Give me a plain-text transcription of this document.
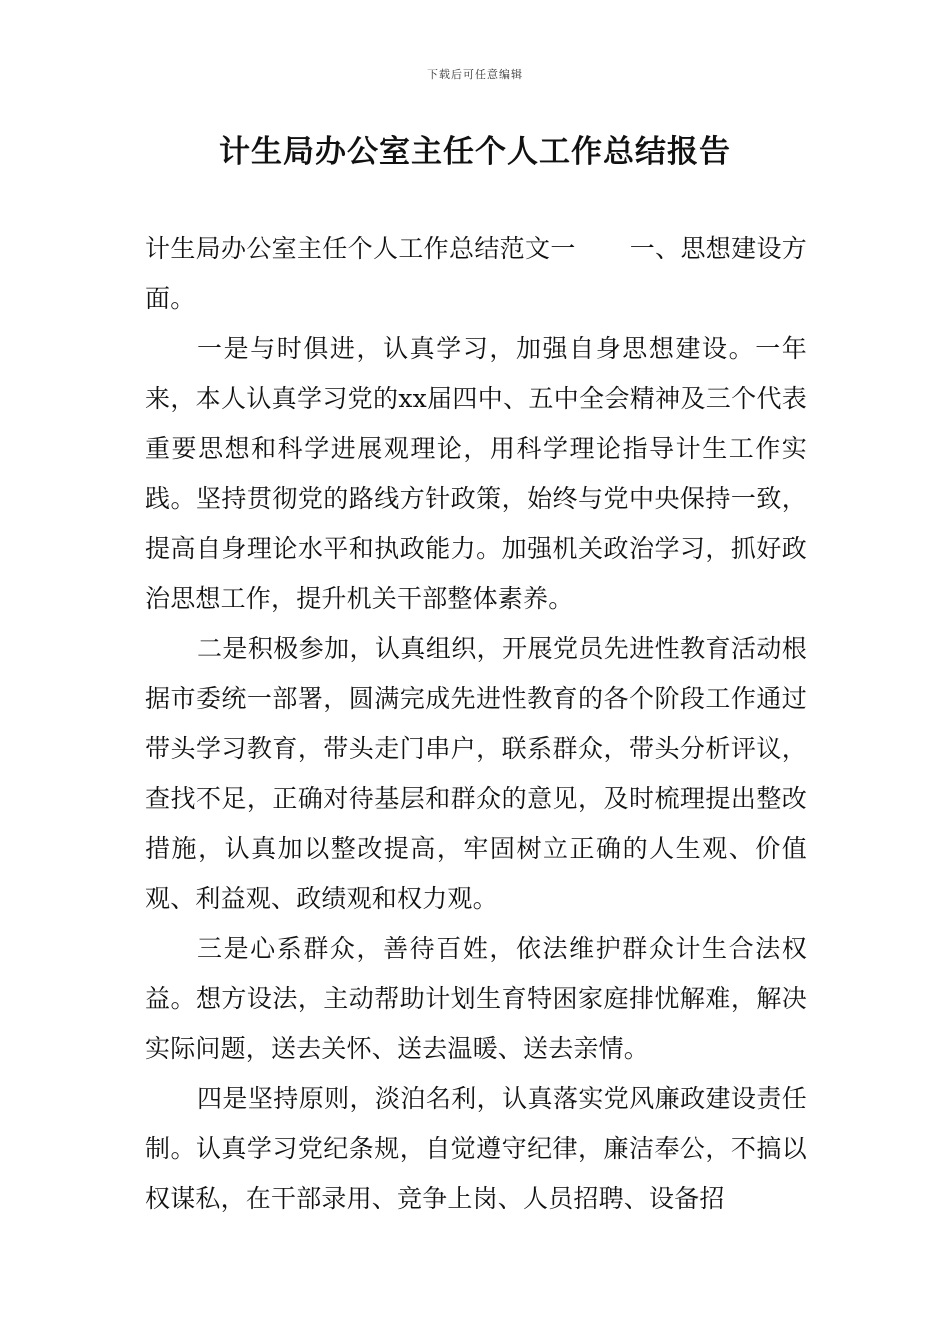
下载后可任意编辑
计生局办公室主任个人工作总结报告

计生局办公室主任个人工作总结范文一 一、思想建设方面。

一是与时俱进，认真学习，加强自身思想建设。一年来，本人认真学习党的xx届四中、五中全会精神及三个代表重要思想和科学进展观理论，用科学理论指导计生工作实践。坚持贯彻党的路线方针政策，始终与党中央保持一致，提高自身理论水平和执政能力。加强机关政治学习，抓好政治思想工作，提升机关干部整体素养。

二是积极参加，认真组织，开展党员先进性教育活动根据市委统一部署，圆满完成先进性教育的各个阶段工作通过带头学习教育，带头走门串户，联系群众，带头分析评议，查找不足，正确对待基层和群众的意见，及时梳理提出整改措施，认真加以整改提高，牢固树立正确的人生观、价值观、利益观、政绩观和权力观。

三是心系群众，善待百姓，依法维护群众计生合法权益。想方设法，主动帮助计划生育特困家庭排忧解难，解决实际问题，送去关怀、送去温暖、送去亲情。

四是坚持原则，淡泊名利，认真落实党风廉政建设责任制。认真学习党纪条规，自觉遵守纪律，廉洁奉公，不搞以权谋私，在干部录用、竞争上岗、人员招聘、设备招
